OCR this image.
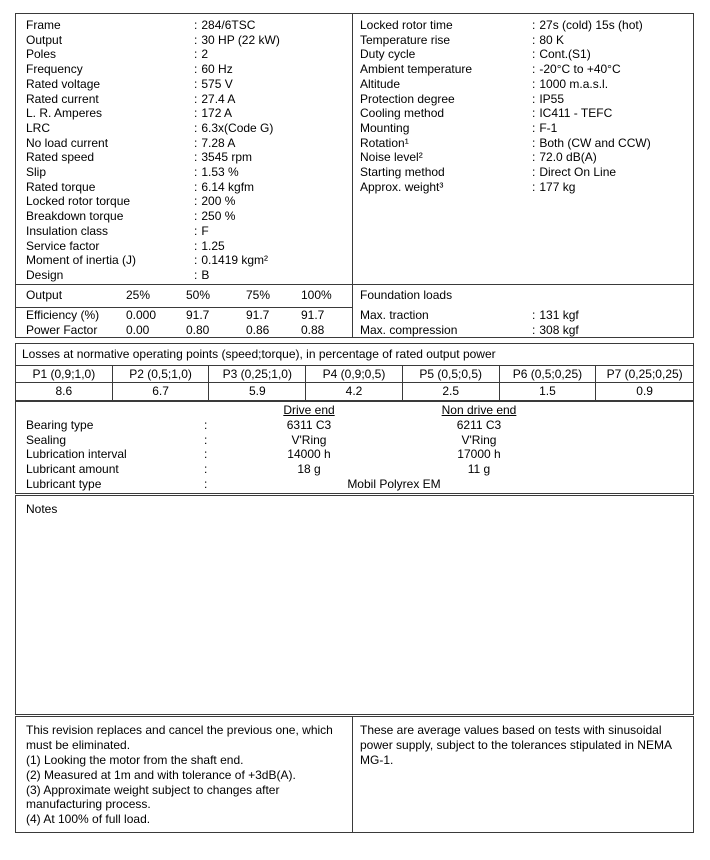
Frame	: 284/6TSC
Output	: 30 HP (22 kW)
Poles	: 2
Frequency	: 60 Hz
Rated voltage	: 575 V
Rated current	: 27.4 A
L. R. Amperes	: 172 A
LRC	: 6.3x(Code G)
No load current	: 7.28 A
Rated speed	: 3545 rpm
Slip	: 1.53 %
Rated torque	: 6.14 kgfm
Locked rotor torque	: 200 %
Breakdown torque	: 250 %
Insulation class	: F
Service factor	: 1.25
Moment of inertia (J)	: 0.1419 kgm²
Design	: B
Locked rotor time	: 27s (cold) 15s (hot)
Temperature rise	: 80 K
Duty cycle	: Cont.(S1)
Ambient temperature	: -20°C to +40°C
Altitude	: 1000 m.a.s.l.
Protection degree	: IP55
Cooling method	: IC411 - TEFC
Mounting	: F-1
Rotation¹	: Both (CW and CCW)
Noise level²	: 72.0 dB(A)
Starting method	: Direct On Line
Approx. weight³	: 177 kg
Output	25%	50%	75%	100%
Efficiency (%)	0.000	91.7	91.7	91.7
Power Factor	0.00	0.80	0.86	0.88
Foundation loads
Max. traction	: 131 kgf
Max. compression	: 308 kgf
Losses at normative operating points (speed;torque), in percentage of rated output power
P1 (0,9;1,0)	P2 (0,5;1,0)	P3 (0,25;1,0)	P4 (0,9;0,5)	P5 (0,5;0,5)	P6 (0,5;0,25)	P7 (0,25;0,25)
8.6	6.7	5.9	4.2	2.5	1.5	0.9
Drive end	Non drive end
Bearing type	:	6311 C3	6211 C3
Sealing	:	V'Ring	V'Ring
Lubrication interval	:	14000 h	17000 h
Lubricant amount	:	18 g	11 g
Lubricant type	:	Mobil Polyrex EM
Notes
This revision replaces and cancel the previous one, which must be eliminated.
(1) Looking the motor from the shaft end.
(2) Measured at 1m and with tolerance of +3dB(A).
(3) Approximate weight subject to changes after manufacturing process.
(4) At 100% of full load.
These are average values based on tests with sinusoidal power supply, subject to the tolerances stipulated in NEMA MG-1.
